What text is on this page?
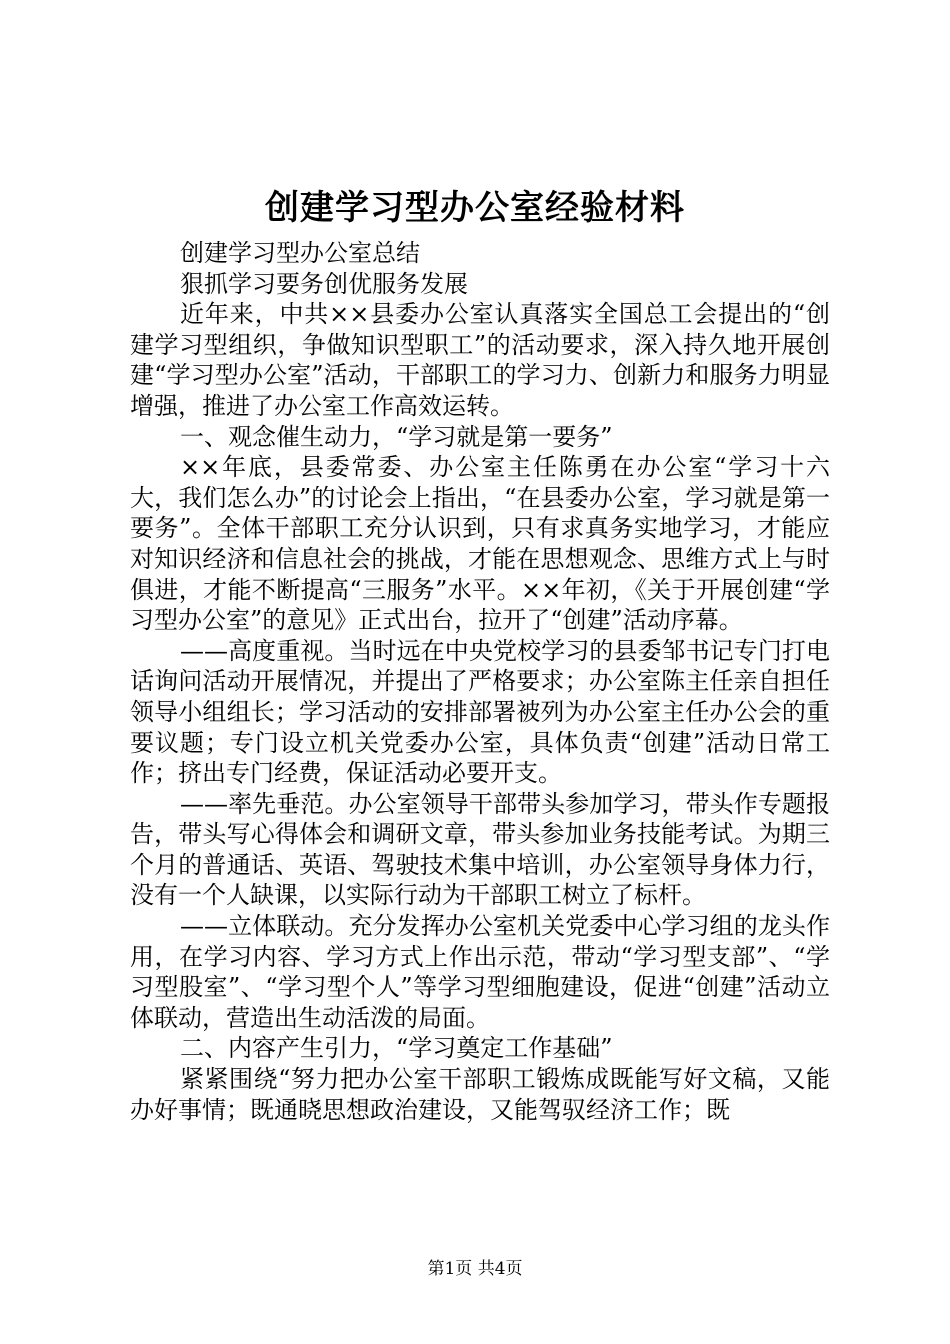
创建学习型办公室经验材料

创建学习型办公室总结

狠抓学习要务创优服务发展

近年来，中共××县委办公室认真落实全国总工会提出的“创建学习型组织，争做知识型职工”的活动要求，深入持久地开展创建“学习型办公室”活动，干部职工的学习力、创新力和服务力明显增强，推进了办公室工作高效运转。

一、观念催生动力，“学习就是第一要务”

××年底，县委常委、办公室主任陈勇在办公室“学习十六大，我们怎么办”的讨论会上指出，“在县委办公室，学习就是第一要务”。全体干部职工充分认识到，只有求真务实地学习，才能应对知识经济和信息社会的挑战，才能在思想观念、思维方式上与时俱进，才能不断提高“三服务”水平。××年初，《关于开展创建“学习型办公室”的意见》正式出台，拉开了“创建”活动序幕。

——高度重视。当时远在中央党校学习的县委邹书记专门打电话询问活动开展情况，并提出了严格要求；办公室陈主任亲自担任领导小组组长；学习活动的安排部署被列为办公室主任办公会的重要议题；专门设立机关党委办公室，具体负责“创建”活动日常工作；挤出专门经费，保证活动必要开支。

——率先垂范。办公室领导干部带头参加学习，带头作专题报告，带头写心得体会和调研文章，带头参加业务技能考试。为期三个月的普通话、英语、驾驶技术集中培训，办公室领导身体力行，没有一个人缺课，以实际行动为干部职工树立了标杆。

——立体联动。充分发挥办公室机关党委中心学习组的龙头作用，在学习内容、学习方式上作出示范，带动“学习型支部”、“学习型股室”、“学习型个人”等学习型细胞建设，促进“创建”活动立体联动，营造出生动活泼的局面。

二、内容产生引力，“学习奠定工作基础”

紧紧围绕“努力把办公室干部职工锻炼成既能写好文稿，又能办好事情；既通晓思想政治建设，又能驾驭经济工作；既

第1页 共4页
